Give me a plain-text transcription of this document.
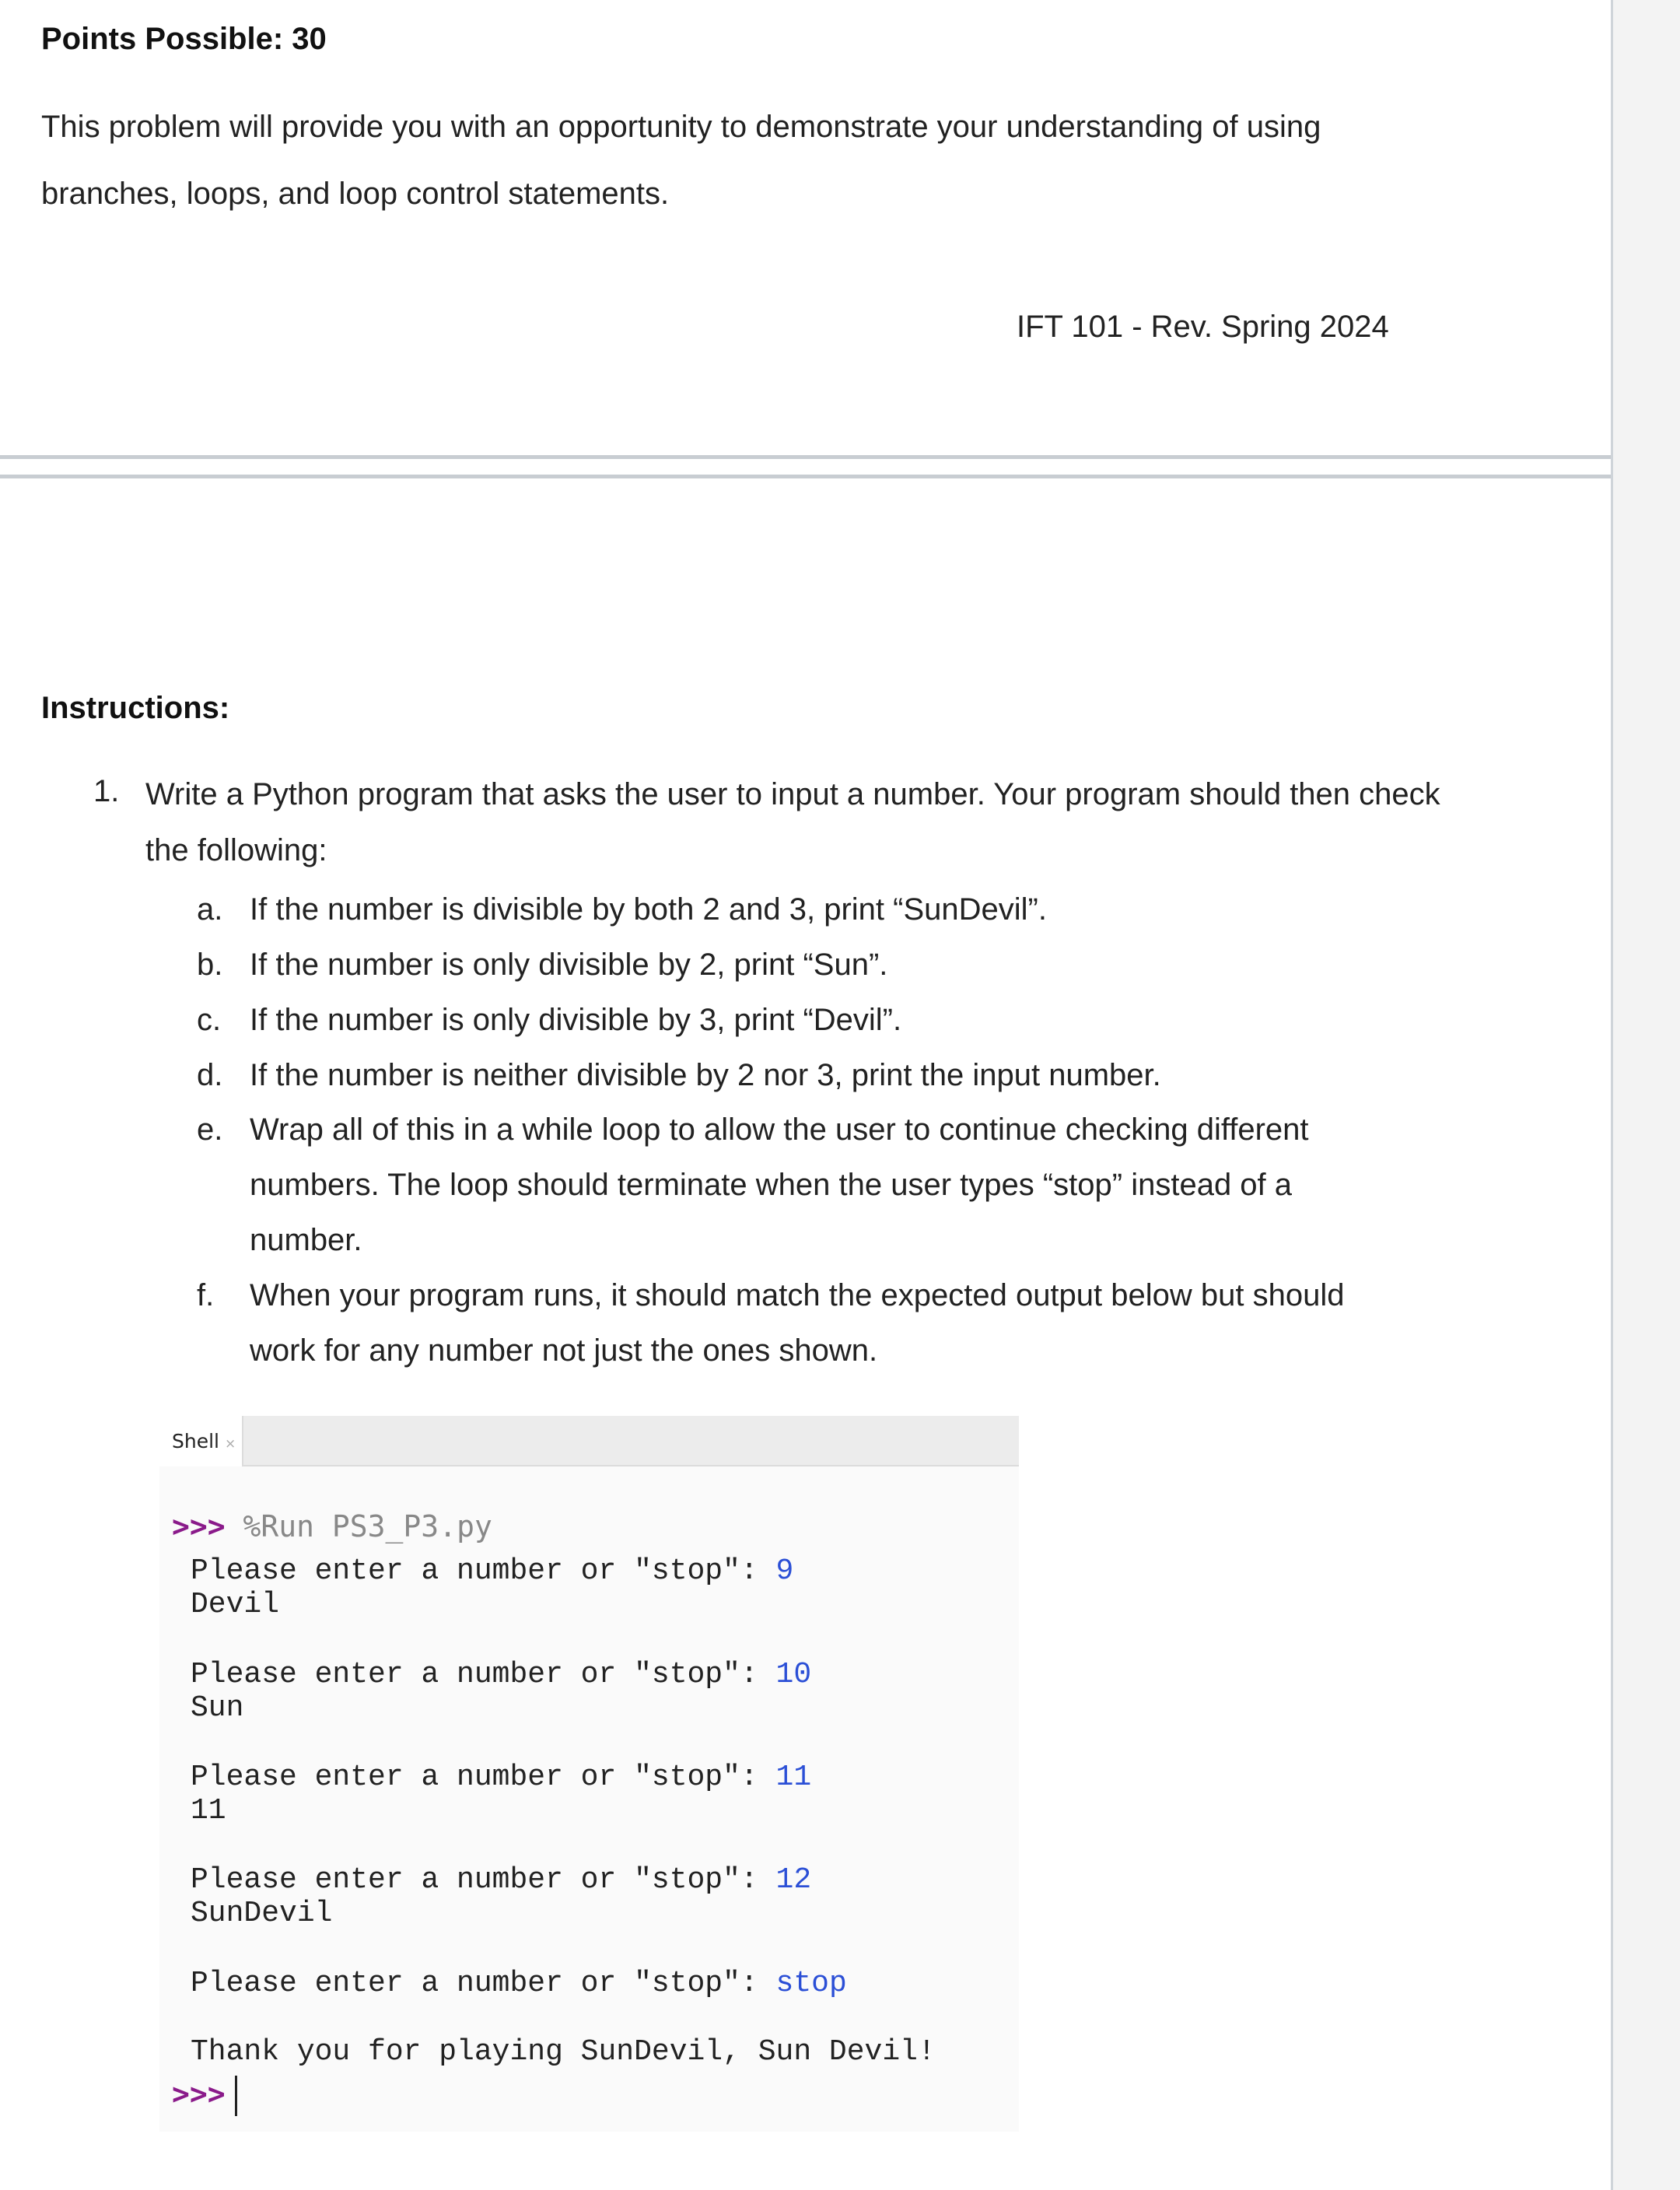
Points Possible: 30
This problem will provide you with an opportunity to demonstrate your understanding of using branches, loops, and loop control statements.
IFT 101 - Rev. Spring 2024
Instructions:
1. Write a Python program that asks the user to input a number. Your program should then check the following:
a. If the number is divisible by both 2 and 3, print “SunDevil”.
b. If the number is only divisible by 2, print “Sun”.
c. If the number is only divisible by 3, print “Devil”.
d. If the number is neither divisible by 2 nor 3, print the input number.
e. Wrap all of this in a while loop to allow the user to continue checking different numbers. The loop should terminate when the user types “stop” instead of a number.
f. When your program runs, it should match the expected output below but should work for any number not just the ones shown.
Shell ×
>>> %Run PS3_P3.py
Please enter a number or "stop": 9
Devil
Please enter a number or "stop": 10
Sun
Please enter a number or "stop": 11
11
Please enter a number or "stop": 12
SunDevil
Please enter a number or "stop": stop
Thank you for playing SunDevil, Sun Devil!
>>>
